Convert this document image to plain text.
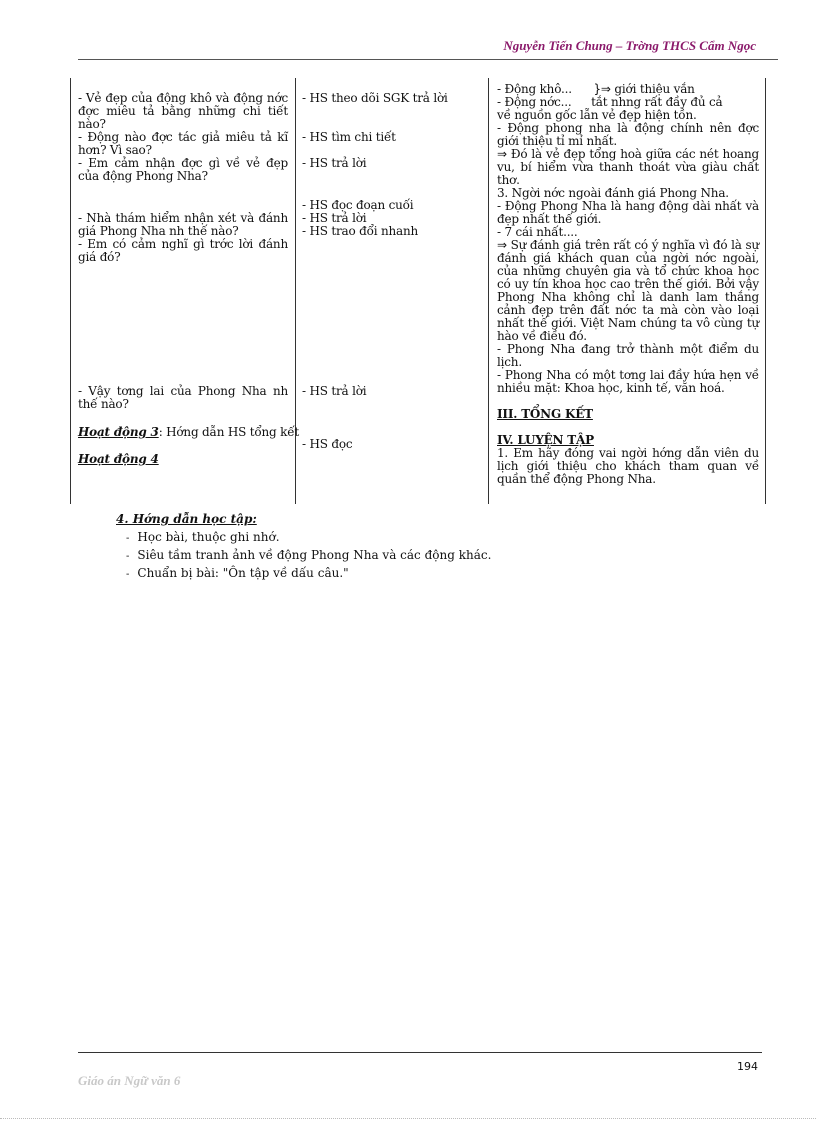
Nguyễn Tiến Chung – Trờng THCS Cẩm Ngọc

- Vẻ đẹp của động khô và động nớc đợc miêu tả bằng những chi tiết nào?

- Động nào đợc tác giả miêu tả kĩ hơn? Vì sao?

- Em cảm nhận đợc gì về vẻ đẹp của động Phong Nha?

- Nhà thám hiểm nhận xét và đánh giá Phong Nha nh thế nào?

- Em có cảm nghĩ gì trớc lời đánh giá đó?

- Vậy tơng lai của Phong Nha nh thế nào?

Hoạt động 3: Hớng dẫn HS tổng kết
Hoạt động 4
- HS theo dõi SGK trả lời
- HS tìm chi tiết
- HS trả lời

- HS đọc đoạn cuối

- HS trả lời

- HS trao đổi nhanh

- HS trả lời
- HS đọc

- Động khô... }⇒ giới thiệu vắn

- Động nớc... tắt nhng rất đầy đủ cả

về nguồn gốc lẫn vẻ đẹp hiện tồn.

- Động phong nha là động chính nên đợc giới thiệu tỉ mỉ nhất.

⇒ Đó là vẻ đẹp tổng hoà giữa các nét hoang vu, bí hiểm vừa thanh thoát vừa giàu chất thơ.

3. Ngời nớc ngoài đánh giá Phong Nha.

- Động Phong Nha là hang động dài nhất và đẹp nhất thế giới.

- 7 cái nhất....

⇒ Sự đánh giá trên rất có ý nghĩa vì đó là sự đánh giá khách quan của ngời nớc ngoài, của những chuyên gia và tổ chức khoa học có uy tín khoa học cao trên thế giới. Bởi vậy Phong Nha không chỉ là danh lam thắng cảnh đẹp trên đất nớc ta mà còn vào loại nhất thế giới. Việt Nam chúng ta vô cùng tự hào về điều đó.

- Phong Nha đang trở thành một điểm du lịch.

- Phong Nha có một tơng lai đầy hứa hẹn về nhiều mặt: Khoa học, kinh tế, văn hoá.

III. TỔNG KẾT

IV. LUYỆN TẬP

1. Em hãy đóng vai ngời hớng dẫn viên du lịch giới thiệu cho khách tham quan về quần thể động Phong Nha.

4. Hớng dẫn học tập:
- Học bài, thuộc ghi nhớ.
- Siêu tầm tranh ảnh về động Phong Nha và các động khác.
- Chuẩn bị bài: "Ôn tập về dấu câu."
194
Giáo án Ngữ văn 6
